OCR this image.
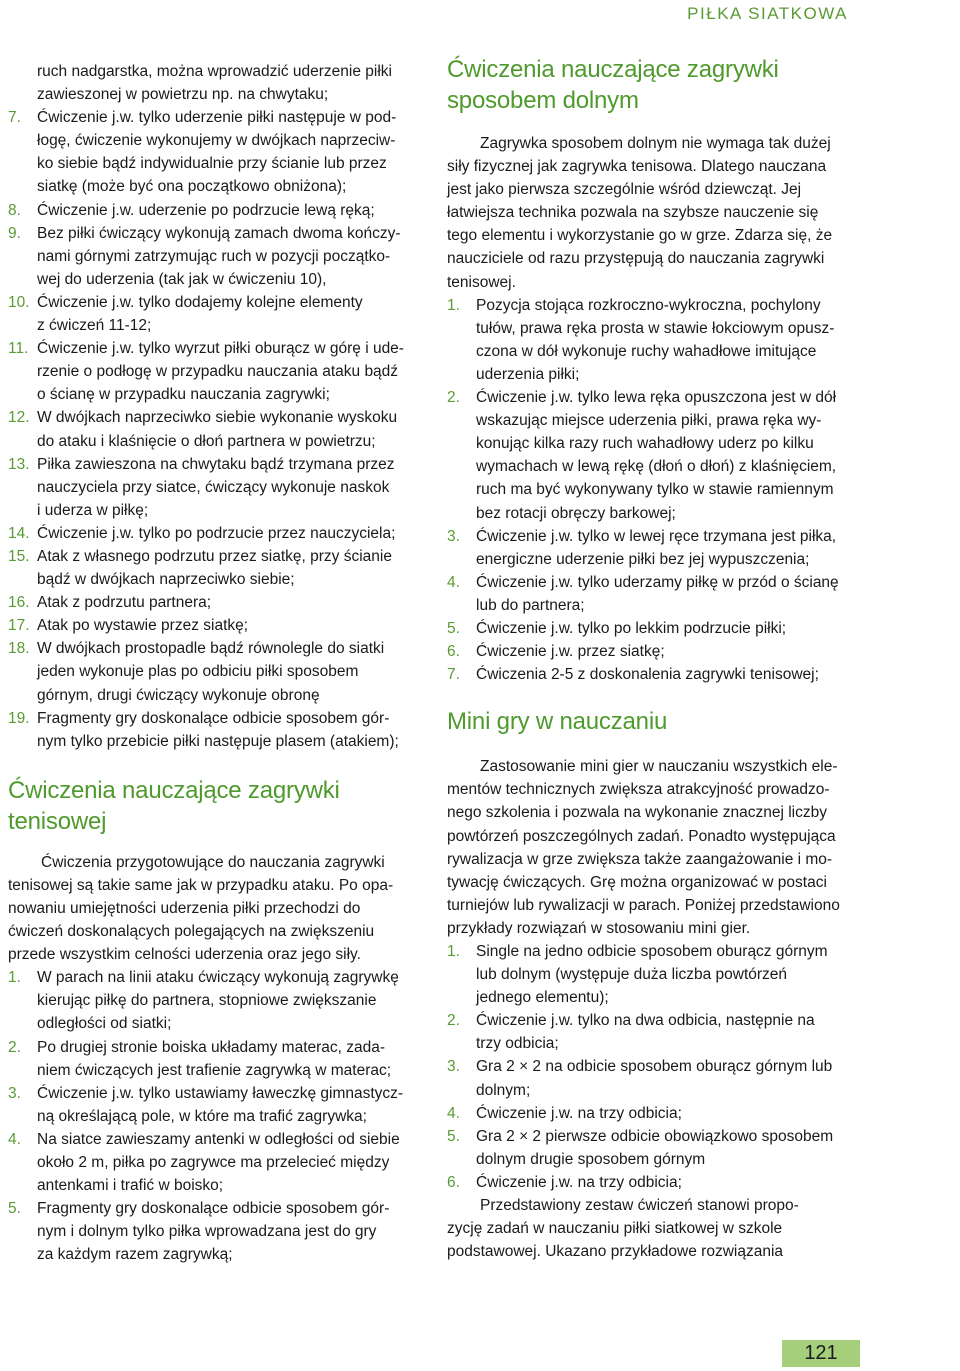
PIŁKA SIATKOWA
ruch nadgarstka, można wprowadzić uderzenie piłki
zawieszonej w powietrzu np. na chwytaku;
7. Ćwiczenie j.w. tylko uderzenie piłki następuje w pod-
łogę, ćwiczenie wykonujemy w dwójkach naprzeciw-
ko siebie bądź indywidualnie przy ścianie lub przez
siatkę (może być ona początkowo obniżona);
8. Ćwiczenie j.w. uderzenie po podrzucie lewą ręką;
9. Bez piłki ćwiczący wykonują zamach dwoma kończy-
nami górnymi zatrzymując ruch w pozycji początko-
wej do uderzenia (tak jak w ćwiczeniu 10),
10. Ćwiczenie j.w. tylko dodajemy kolejne elementy
z ćwiczeń 11-12;
11. Ćwiczenie j.w. tylko wyrzut piłki oburącz w górę i ude-
rzenie o podłogę w przypadku nauczania ataku bądź
o ścianę w przypadku nauczania zagrywki;
12. W dwójkach naprzeciwko siebie wykonanie wyskoku
do ataku i klaśnięcie o dłoń partnera w powietrzu;
13. Piłka zawieszona na chwytaku bądź trzymana przez
nauczyciela przy siatce, ćwiczący wykonuje naskok
i uderza w piłkę;
14. Ćwiczenie j.w. tylko po podrzucie przez nauczyciela;
15. Atak z własnego podrzutu przez siatkę, przy ścianie
bądź w dwójkach naprzeciwko siebie;
16. Atak z podrzutu partnera;
17. Atak po wystawie przez siatkę;
18. W dwójkach prostopadle bądź równolegle do siatki
jeden wykonuje plas po odbiciu piłki sposobem
górnym, drugi ćwiczący wykonuje obronę
19. Fragmenty gry doskonalące odbicie sposobem gór-
nym tylko przebicie piłki następuje plasem (atakiem);
Ćwiczenia nauczające zagrywki
tenisowej
Ćwiczenia przygotowujące do nauczania zagrywki
tenisowej są takie same jak w przypadku ataku. Po opa-
nowaniu umiejętności uderzenia piłki przechodzi do
ćwiczeń doskonalących polegających na zwiększeniu
przede wszystkim celności uderzenia oraz jego siły.
1. W parach na linii ataku ćwiczący wykonują zagrywkę
kierując piłkę do partnera, stopniowe zwiększanie
odległości od siatki;
2. Po drugiej stronie boiska układamy materac, zada-
niem ćwiczących jest trafienie zagrywką w materac;
3. Ćwiczenie j.w. tylko ustawiamy ławeczkę gimnastycz-
ną określającą pole, w które ma trafić zagrywka;
4. Na siatce zawieszamy antenki w odległości od siebie
około 2 m, piłka po zagrywce ma przelecieć między
antenkami i trafić w boisko;
5. Fragmenty gry doskonalące odbicie sposobem gór-
nym i dolnym tylko piłka wprowadzana jest do gry
za każdym razem zagrywką;
Ćwiczenia nauczające zagrywki
sposobem dolnym
Zagrywka sposobem dolnym nie wymaga tak dużej
siły fizycznej jak zagrywka tenisowa. Dlatego nauczana
jest jako pierwsza szczególnie wśród dziewcząt. Jej
łatwiejsza technika pozwala na szybsze nauczenie się
tego elementu i wykorzystanie go w grze. Zdarza się, że
naucziciele od razu przystępują do nauczania zagrywki
tenisowej.
1. Pozycja stojąca rozkroczno-wykroczna, pochylony
tułów, prawa ręka prosta w stawie łokciowym opusz-
czona w dół wykonuje ruchy wahadłowe imitujące
uderzenia piłki;
2. Ćwiczenie j.w. tylko lewa ręka opuszczona jest w dół
wskazując miejsce uderzenia piłki, prawa ręka wy-
konując kilka razy ruch wahadłowy uderz po kilku
wymachach w lewą rękę (dłoń o dłoń) z klaśnięciem,
ruch ma być wykonywany tylko w stawie ramiennym
bez rotacji obręczy barkowej;
3. Ćwiczenie j.w. tylko w lewej ręce trzymana jest piłka,
energiczne uderzenie piłki bez jej wypuszczenia;
4. Ćwiczenie j.w. tylko uderzamy piłkę w przód o ścianę
lub do partnera;
5. Ćwiczenie j.w. tylko po lekkim podrzucie piłki;
6. Ćwiczenie j.w. przez siatkę;
7. Ćwiczenia 2-5 z doskonalenia zagrywki tenisowej;
Mini gry w nauczaniu
Zastosowanie mini gier w nauczaniu wszystkich ele-
mentów technicznych zwiększa atrakcyjność prowadzo-
nego szkolenia i pozwala na wykonanie znacznej liczby
powtórzeń poszczególnych zadań. Ponadto występująca
rywalizacja w grze zwiększa także zaangażowanie i mo-
tywację ćwiczących. Grę można organizować w postaci
turniejów lub rywalizacji w parach. Poniżej przedstawiono
przykłady rozwiązań w stosowaniu mini gier.
1. Single na jedno odbicie sposobem oburącz górnym
lub dolnym (występuje duża liczba powtórzeń
jednego elementu);
2. Ćwiczenie j.w. tylko na dwa odbicia, następnie na
trzy odbicia;
3. Gra 2 × 2 na odbicie sposobem oburącz górnym lub
dolnym;
4. Ćwiczenie j.w. na trzy odbicia;
5. Gra 2 × 2 pierwsze odbicie obowiązkowo sposobem
dolnym drugie sposobem górnym
6. Ćwiczenie j.w. na trzy odbicia;
Przedstawiony zestaw ćwiczeń stanowi propo-
zycję zadań w nauczaniu piłki siatkowej w szkole
podstawowej. Ukazano przykładowe rozwiązania
121
